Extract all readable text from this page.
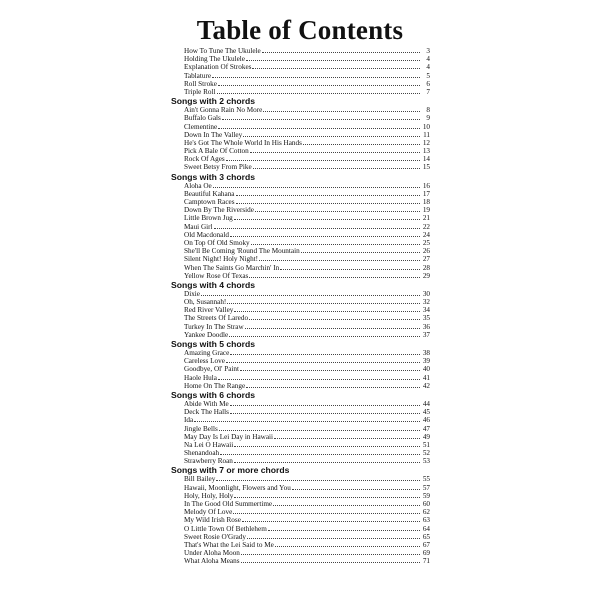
Table of Contents
How To Tune The Ukulele	3
Holding The Ukulele	4
Explanation Of Strokes	4
Tablature	5
Roll Stroke	6
Triple Roll	7
Songs with 2 chords
Ain't Gonna Rain No More	8
Buffalo Gals	9
Clementine	10
Down In The Valley	11
He's Got The Whole World In His Hands	12
Pick A Bale Of Cotton	13
Rock Of Ages	14
Sweet Betsy From Pike	15
Songs with 3 chords
Aloha Oe	16
Beautiful Kahana	17
Camptown Races	18
Down By The Riverside	19
Little Brown Jug	21
Maui Girl	22
Old Macdonald	24
On Top Of Old Smoky	25
She'll Be Coming 'Round The Mountain	26
Silent Night! Holy Night!	27
When The Saints Go Marchin' In	28
Yellow Rose Of Texas	29
Songs with 4 chords
Dixie	30
Oh, Susannah!	32
Red River Valley	34
The Streets Of Laredo	35
Turkey In The Straw	36
Yankee Doodle	37
Songs with 5 chords
Amazing Grace	38
Careless Love	39
Goodbye, Ol' Paint	40
Haole Hula	41
Home On The Range	42
Songs with 6 chords
Abide With Me	44
Deck The Halls	45
Ida	46
Jingle Bells	47
May Day Is Lei Day in Hawaii	49
Na Lei O Hawaii	51
Shenandoah	52
Strawberry Roan	53
Songs with 7 or more chords
Bill Bailey	55
Hawaii, Moonlight, Flowers and You	57
Holy, Holy, Holy	59
In The Good Old Summertime	60
Melody Of Love	62
My Wild Irish Rose	63
O Little Town Of Bethlehem	64
Sweet Rosie O'Grady	65
That's What the Lei Said to Me	67
Under Aloha Moon	69
What Aloha Means	71
